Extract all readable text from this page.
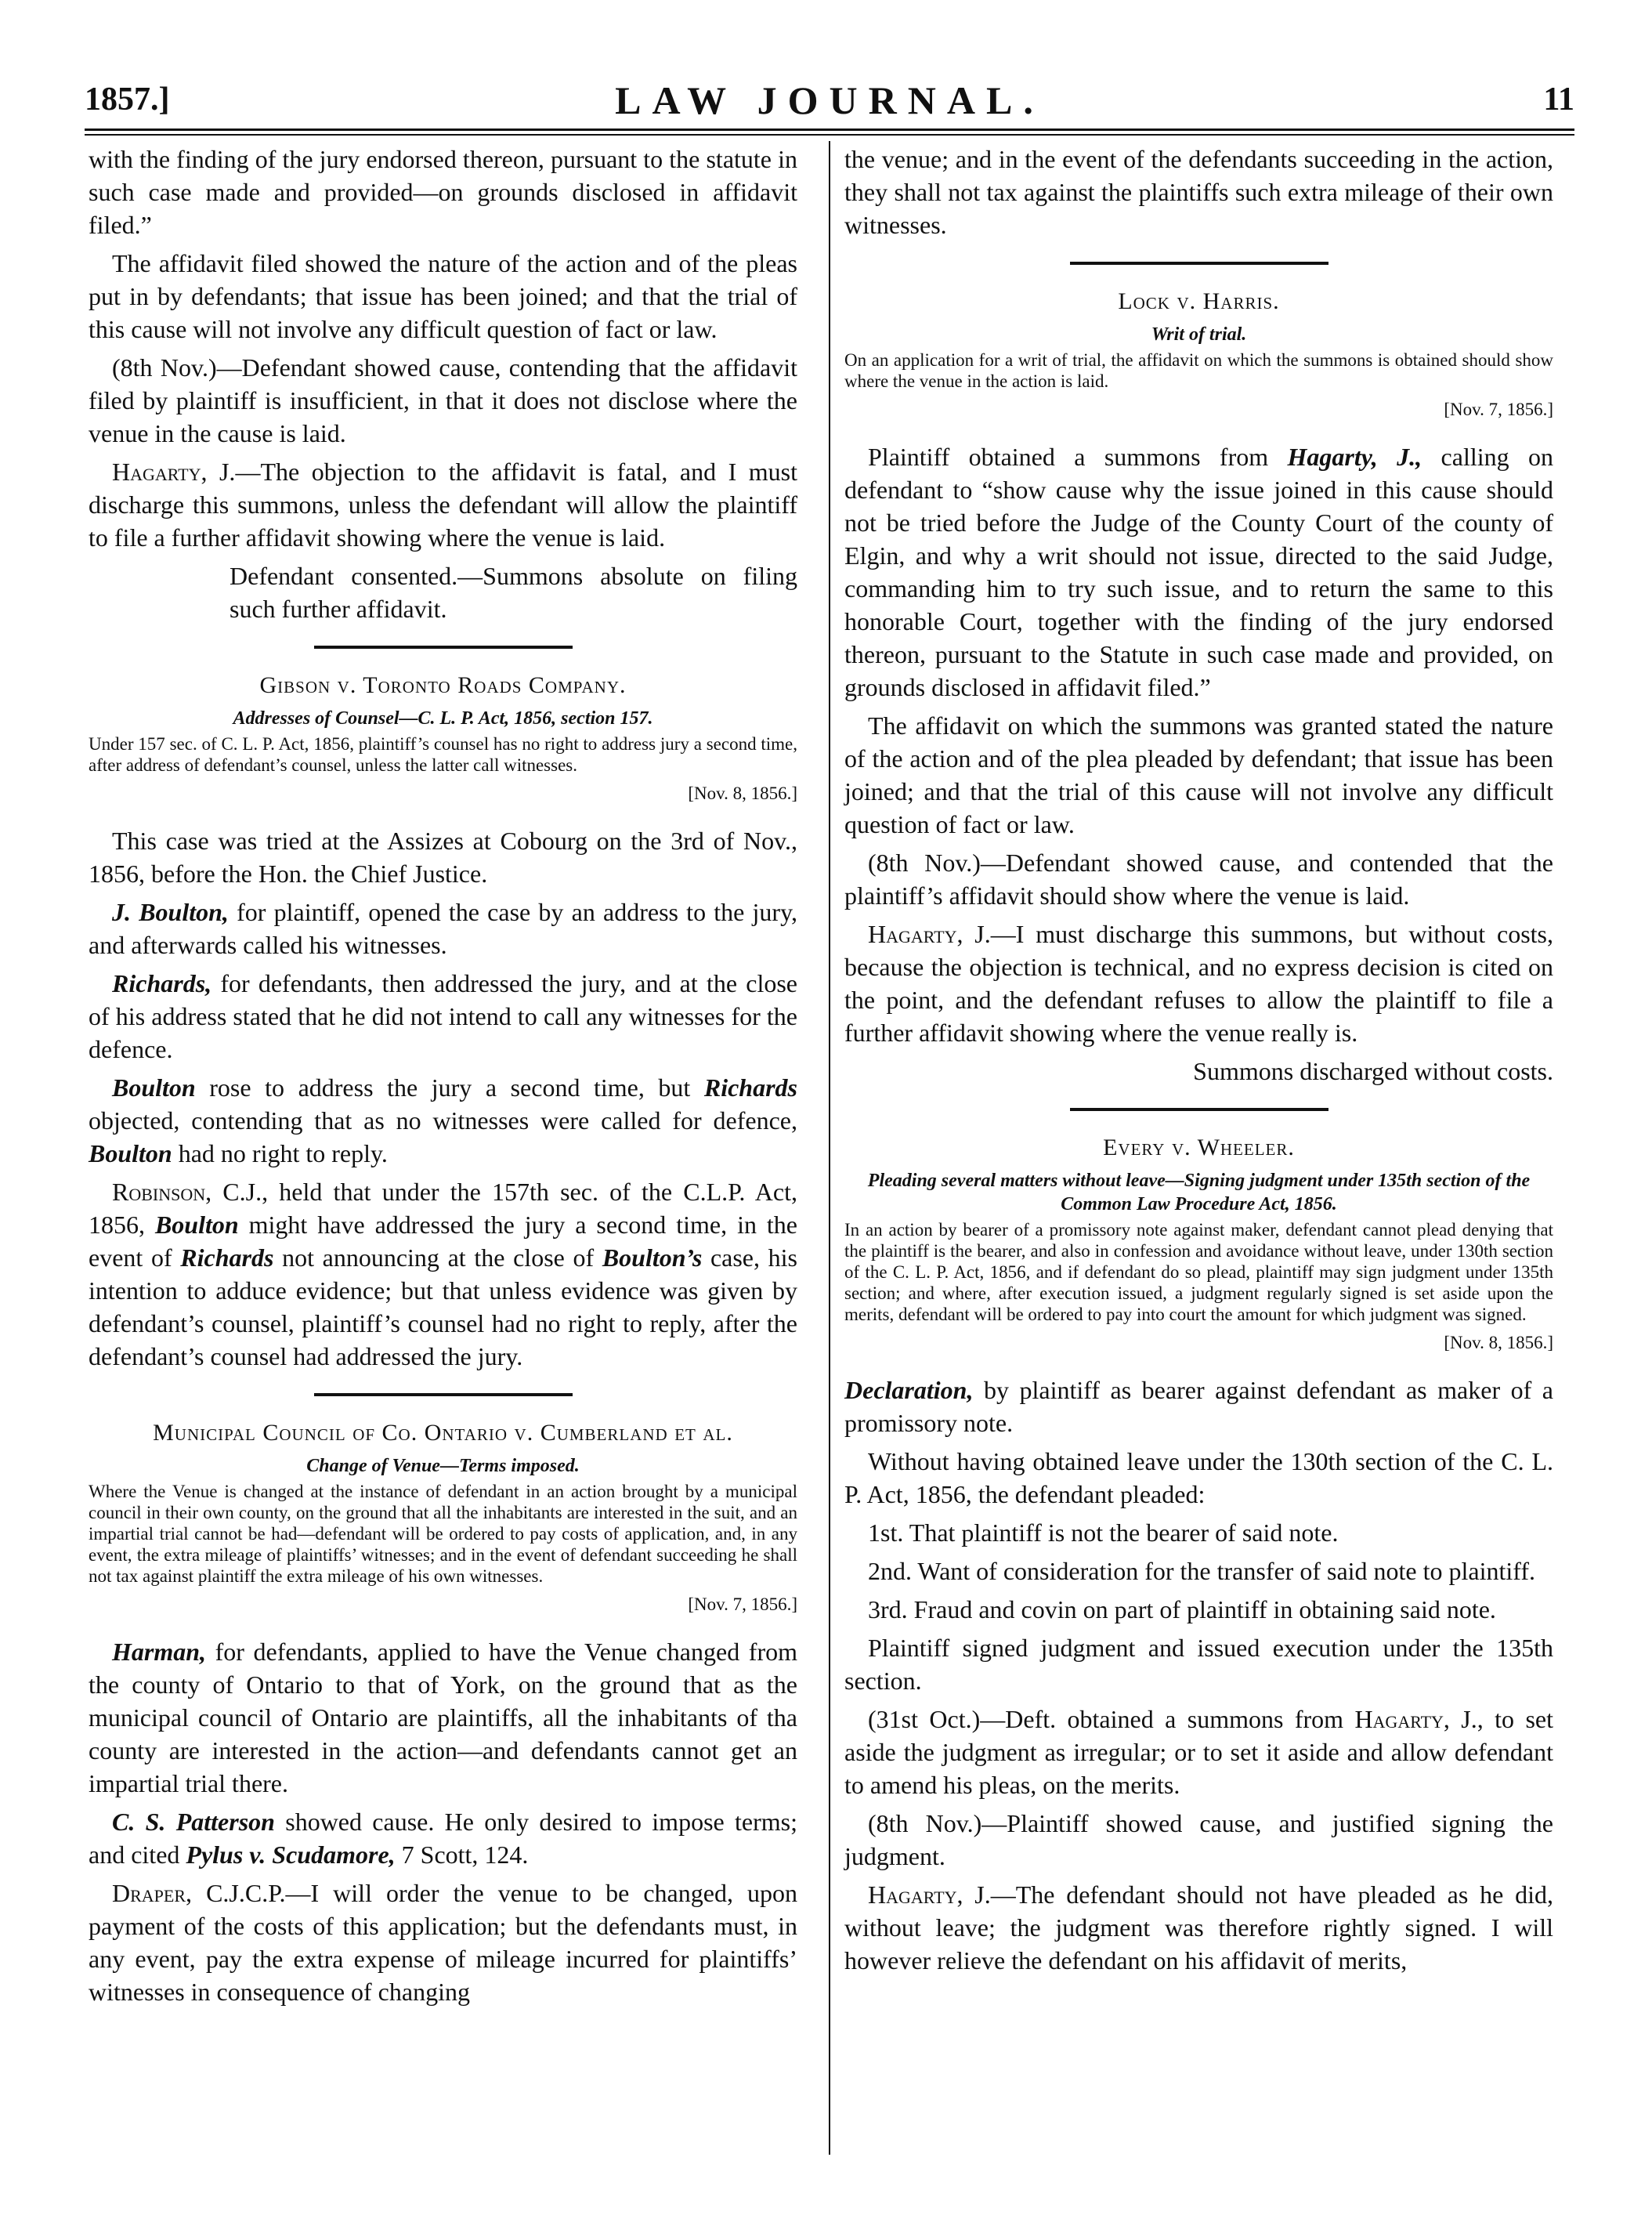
1857.]	LAW JOURNAL.	11

with the finding of the jury endorsed thereon, pursuant to the statute in such case made and provided—on grounds disclosed in affidavit filed.”

The affidavit filed showed the nature of the action and of the pleas put in by defendants; that issue has been joined; and that the trial of this cause will not involve any difficult question of fact or law.

(8th Nov.)—Defendant showed cause, contending that the affidavit filed by plaintiff is insufficient, in that it does not disclose where the venue in the cause is laid.

Hagarty, J.—The objection to the affidavit is fatal, and I must discharge this summons, unless the defendant will allow the plaintiff to file a further affidavit showing where the venue is laid.

Defendant consented.—Summons absolute on filing such further affidavit.

Gibson v. Toronto Roads Company.

Addresses of Counsel—C. L. P. Act, 1856, section 157.

Under 157 sec. of C. L. P. Act, 1856, plaintiff’s counsel has no right to address jury a second time, after address of defendant’s counsel, unless the latter call witnesses.

[Nov. 8, 1856.]

This case was tried at the Assizes at Cobourg on the 3rd of Nov., 1856, before the Hon. the Chief Justice.

J. Boulton, for plaintiff, opened the case by an address to the jury, and afterwards called his witnesses.

Richards, for defendants, then addressed the jury, and at the close of his address stated that he did not intend to call any witnesses for the defence.

Boulton rose to address the jury a second time, but Richards objected, contending that as no witnesses were called for defence, Boulton had no right to reply.

Robinson, C.J., held that under the 157th sec. of the C.L.P. Act, 1856, Boulton might have addressed the jury a second time, in the event of Richards not announcing at the close of Boulton’s case, his intention to adduce evidence; but that unless evidence was given by defendant’s counsel, plaintiff’s counsel had no right to reply, after the defendant’s counsel had addressed the jury.

Municipal Council of Co. Ontario v. Cumberland et al.

Change of Venue—Terms imposed.

Where the Venue is changed at the instance of defendant in an action brought by a municipal council in their own county, on the ground that all the inhabitants are interested in the suit, and an impartial trial cannot be had—defendant will be ordered to pay costs of application, and, in any event, the extra mileage of plaintiffs’ witnesses; and in the event of defendant succeeding he shall not tax against plaintiff the extra mileage of his own witnesses.

[Nov. 7, 1856.]

Harman, for defendants, applied to have the Venue changed from the county of Ontario to that of York, on the ground that as the municipal council of Ontario are plaintiffs, all the inhabitants of tha county are interested in the action—and defendants cannot get an impartial trial there.

C. S. Patterson showed cause. He only desired to impose terms; and cited Pylus v. Scudamore, 7 Scott, 124.

Draper, C.J.C.P.—I will order the venue to be changed, upon payment of the costs of this application; but the defendants must, in any event, pay the extra expense of mileage incurred for plaintiffs’ witnesses in consequence of changing

the venue; and in the event of the defendants succeeding in the action, they shall not tax against the plaintiffs such extra mileage of their own witnesses.

Lock v. Harris.

Writ of trial.

On an application for a writ of trial, the affidavit on which the summons is obtained should show where the venue in the action is laid.

[Nov. 7, 1856.]

Plaintiff obtained a summons from Hagarty, J., calling on defendant to “show cause why the issue joined in this cause should not be tried before the Judge of the County Court of the county of Elgin, and why a writ should not issue, directed to the said Judge, commanding him to try such issue, and to return the same to this honorable Court, together with the finding of the jury endorsed thereon, pursuant to the Statute in such case made and provided, on grounds disclosed in affidavit filed.”

The affidavit on which the summons was granted stated the nature of the action and of the plea pleaded by defendant; that issue has been joined; and that the trial of this cause will not involve any difficult question of fact or law.

(8th Nov.)—Defendant showed cause, and contended that the plaintiff’s affidavit should show where the venue is laid.

Hagarty, J.—I must discharge this summons, but without costs, because the objection is technical, and no express decision is cited on the point, and the defendant refuses to allow the plaintiff to file a further affidavit showing where the venue really is.

Summons discharged without costs.

Every v. Wheeler.

Pleading several matters without leave—Signing judgment under 135th section of the Common Law Procedure Act, 1856.

In an action by bearer of a promissory note against maker, defendant cannot plead denying that the plaintiff is the bearer, and also in confession and avoidance without leave, under 130th section of the C. L. P. Act, 1856, and if defendant do so plead, plaintiff may sign judgment under 135th section; and where, after execution issued, a judgment regularly signed is set aside upon the merits, defendant will be ordered to pay into court the amount for which judgment was signed.

[Nov. 8, 1856.]

Declaration, by plaintiff as bearer against defendant as maker of a promissory note.

Without having obtained leave under the 130th section of the C. L. P. Act, 1856, the defendant pleaded:

1st. That plaintiff is not the bearer of said note.

2nd. Want of consideration for the transfer of said note to plaintiff.

3rd. Fraud and covin on part of plaintiff in obtaining said note.

Plaintiff signed judgment and issued execution under the 135th section.

(31st Oct.)—Deft. obtained a summons from Hagarty, J., to set aside the judgment as irregular; or to set it aside and allow defendant to amend his pleas, on the merits.

(8th Nov.)—Plaintiff showed cause, and justified signing the judgment.

Hagarty, J.—The defendant should not have pleaded as he did, without leave; the judgment was therefore rightly signed. I will however relieve the defendant on his affidavit of merits,
